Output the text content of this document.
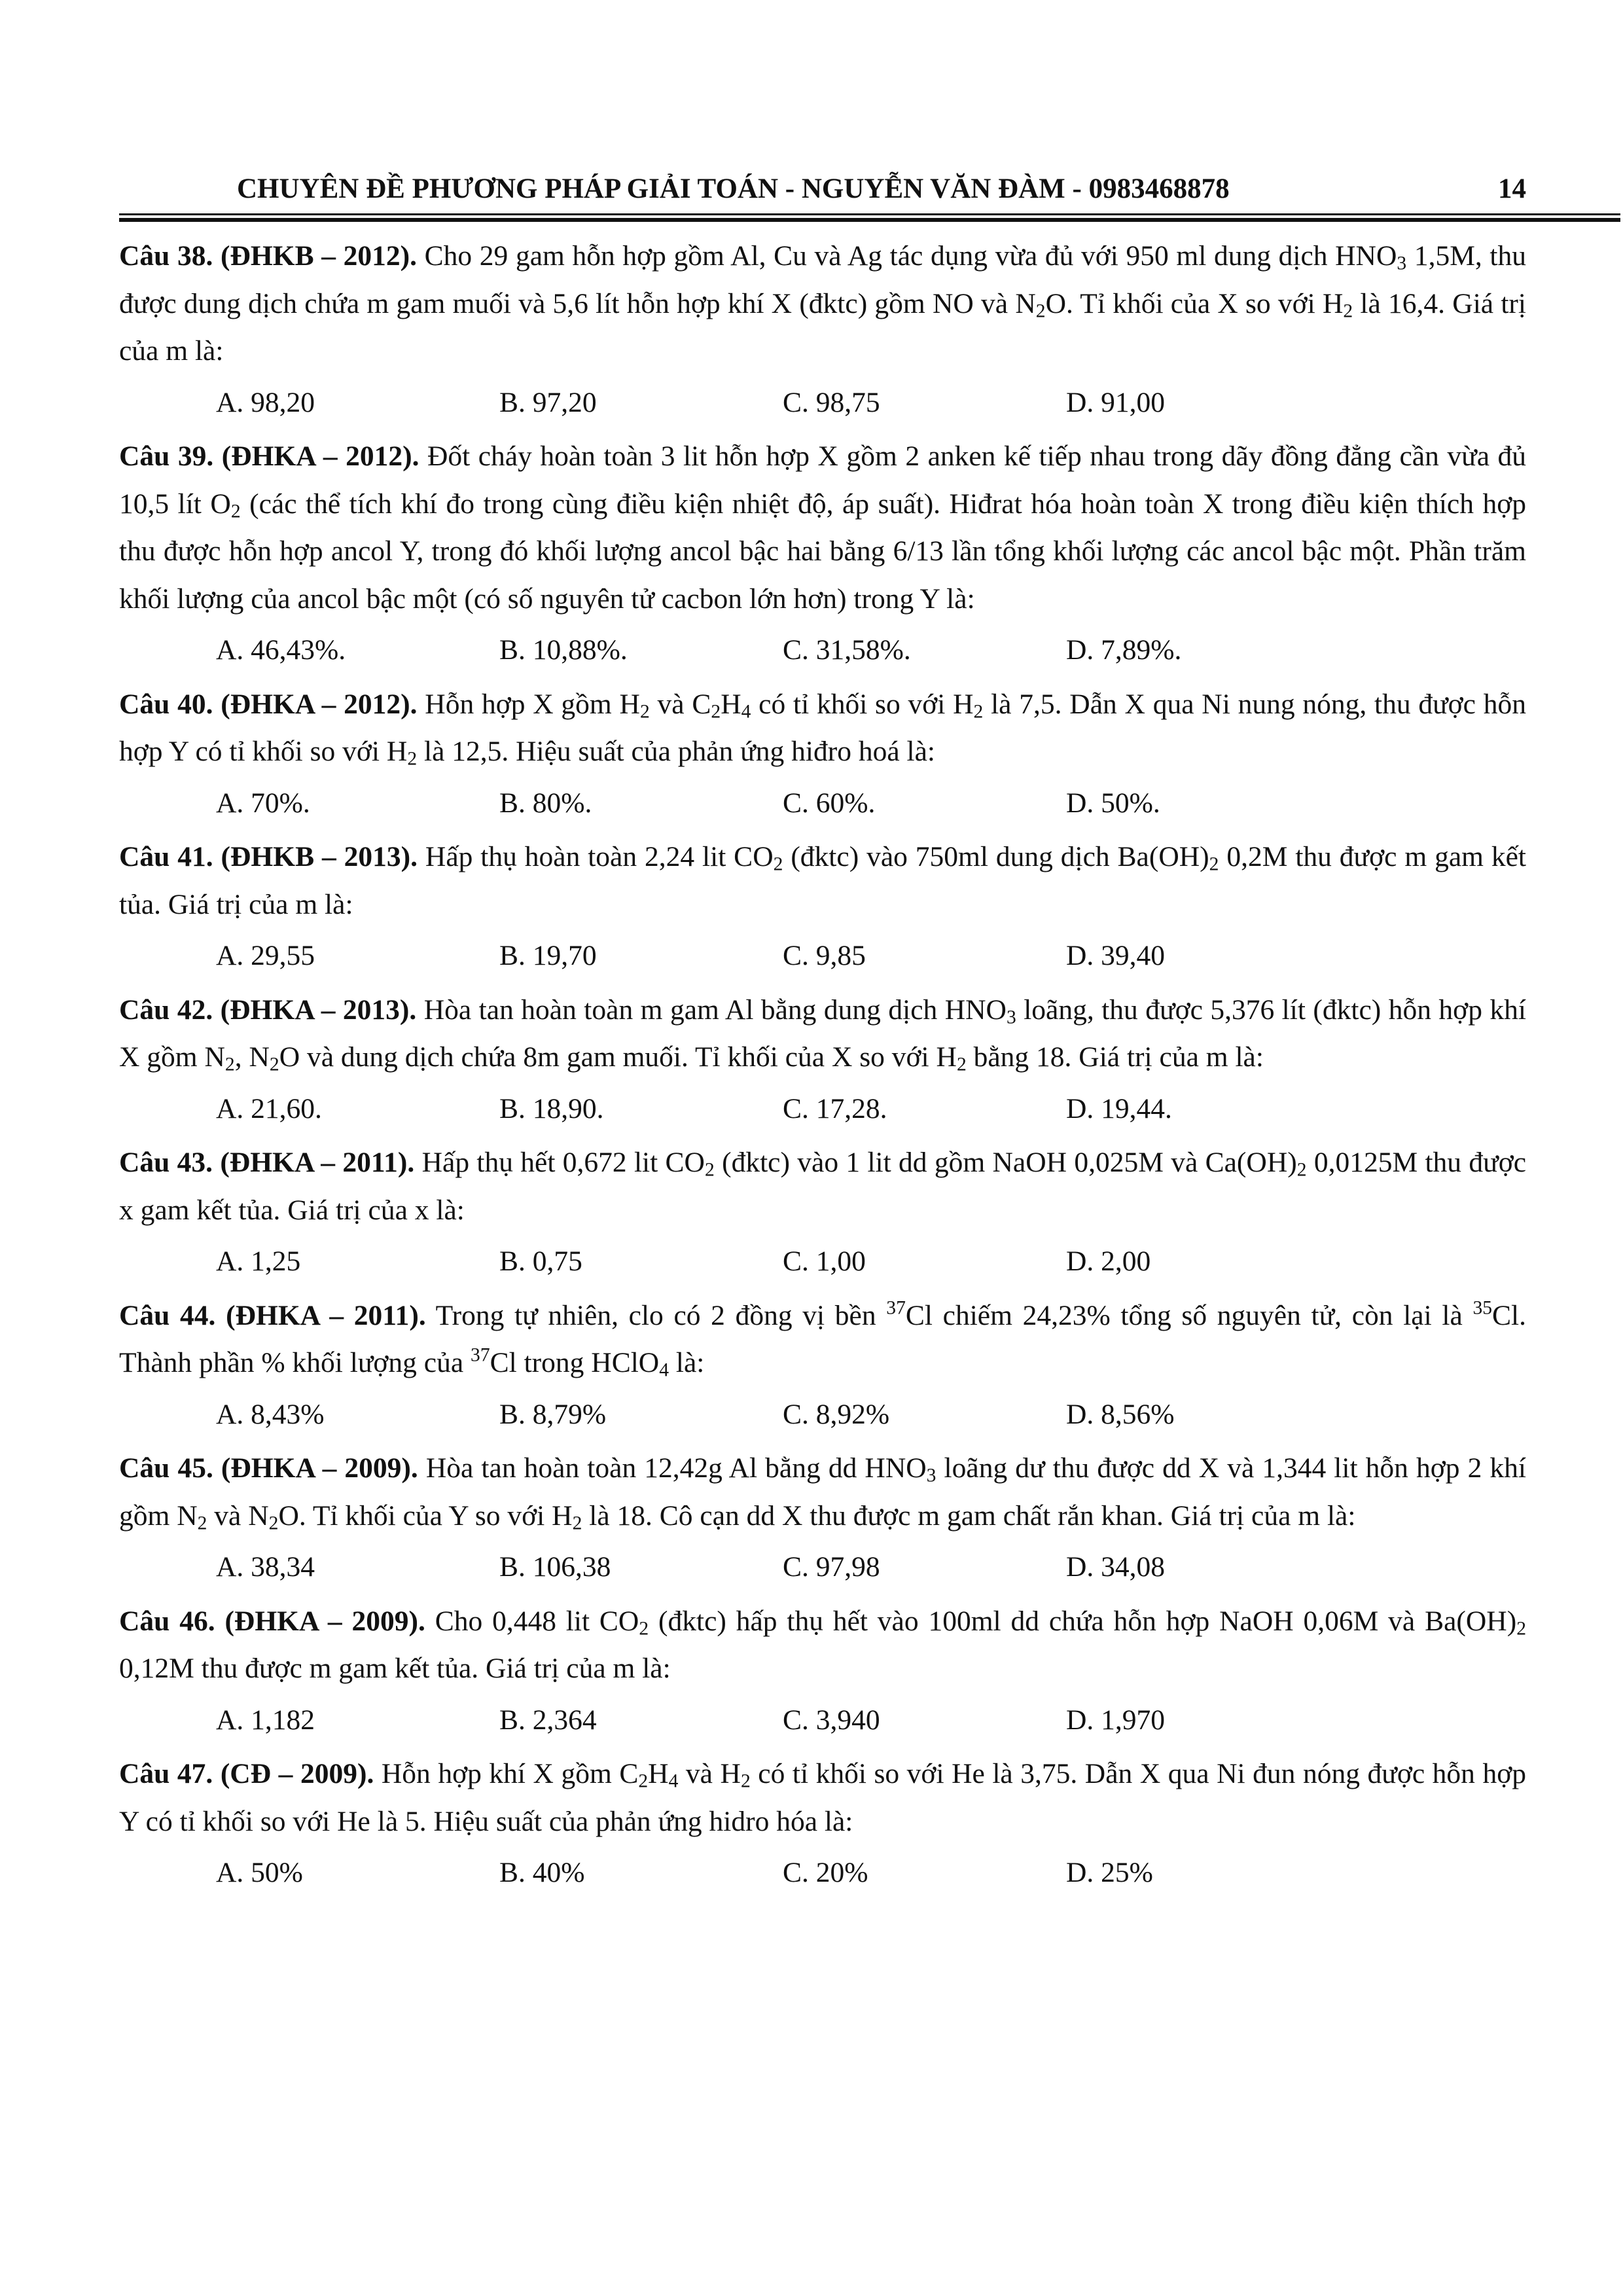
CHUYÊN ĐỀ PHƯƠNG PHÁP GIẢI TOÁN - NGUYỄN VĂN ĐÀM - 0983468878	14

Câu 38. (ĐHKB – 2012). Cho 29 gam hỗn hợp gồm Al, Cu và Ag tác dụng vừa đủ với 950 ml dung dịch $HNO_3$ 1,5M, thu được dung dịch chứa m gam muối và 5,6 lít hỗn hợp khí X (đktc) gồm NO và $N_2O$. Tỉ khối của X so với $H_2$ là 16,4. Giá trị của m là:

A. 98,20	B. 97,20	C. 98,75	D. 91,00

Câu 39. (ĐHKA – 2012). Đốt cháy hoàn toàn 3 lit hỗn hợp X gồm 2 anken kế tiếp nhau trong dãy đồng đẳng cần vừa đủ 10,5 lít $O_2$ (các thể tích khí đo trong cùng điều kiện nhiệt độ, áp suất). Hiđrat hóa hoàn toàn X trong điều kiện thích hợp thu được hỗn hợp ancol Y, trong đó khối lượng ancol bậc hai bằng 6/13 lần tổng khối lượng các ancol bậc một. Phần trăm khối lượng của ancol bậc một (có số nguyên tử cacbon lớn hơn) trong Y là:

A. 46,43%.	B. 10,88%.	C. 31,58%.	D. 7,89%.

Câu 40. (ĐHKA – 2012). Hỗn hợp X gồm $H_2$ và $C_2H_4$ có tỉ khối so với $H_2$ là 7,5. Dẫn X qua Ni nung nóng, thu được hỗn hợp Y có tỉ khối so với $H_2$ là 12,5. Hiệu suất của phản ứng hiđro hoá là:

A. 70%.	B. 80%.	C. 60%.	D. 50%.

Câu 41. (ĐHKB – 2013). Hấp thụ hoàn toàn 2,24 lit $CO_2$ (đktc) vào 750ml dung dịch $Ba(OH)_2$ 0,2M thu được m gam kết tủa. Giá trị của m là:

A. 29,55	B. 19,70	C. 9,85	D. 39,40

Câu 42. (ĐHKA – 2013). Hòa tan hoàn toàn m gam Al bằng dung dịch $HNO_3$ loãng, thu được 5,376 lít (đktc) hỗn hợp khí X gồm $N_2$, $N_2O$ và dung dịch chứa 8m gam muối. Tỉ khối của X so với $H_2$ bằng 18. Giá trị của m là:

A. 21,60.	B. 18,90.	C. 17,28.	D. 19,44.

Câu 43. (ĐHKA – 2011). Hấp thụ hết 0,672 lit $CO_2$ (đktc) vào 1 lit dd gồm NaOH 0,025M và $Ca(OH)_2$ 0,0125M thu được x gam kết tủa. Giá trị của x là:

A. 1,25	B. 0,75	C. 1,00	D. 2,00

Câu 44. (ĐHKA – 2011). Trong tự nhiên, clo có 2 đồng vị bền $^{37}$Cl chiếm 24,23% tổng số nguyên tử, còn lại là $^{35}$Cl. Thành phần % khối lượng của $^{37}$Cl trong HClO$_4$ là:

A. 8,43%	B. 8,79%	C. 8,92%	D. 8,56%

Câu 45. (ĐHKA – 2009). Hòa tan hoàn toàn 12,42g Al bằng dd $HNO_3$ loãng dư thu được dd X và 1,344 lit hỗn hợp 2 khí gồm $N_2$ và $N_2O$. Tỉ khối của Y so với $H_2$ là 18. Cô cạn dd X thu được m gam chất rắn khan. Giá trị của m là:

A. 38,34	B. 106,38	C. 97,98	D. 34,08

Câu 46. (ĐHKA – 2009). Cho 0,448 lit $CO_2$ (đktc) hấp thụ hết vào 100ml dd chứa hỗn hợp NaOH 0,06M và $Ba(OH)_2$ 0,12M thu được m gam kết tủa. Giá trị của m là:

A. 1,182	B. 2,364	C. 3,940	D. 1,970

Câu 47. (CĐ – 2009). Hỗn hợp khí X gồm $C_2H_4$ và $H_2$ có tỉ khối so với He là 3,75. Dẫn X qua Ni đun nóng được hỗn hợp Y có tỉ khối so với He là 5. Hiệu suất của phản ứng hidro hóa là:

A. 50%	B. 40%	C. 20%	D. 25%
